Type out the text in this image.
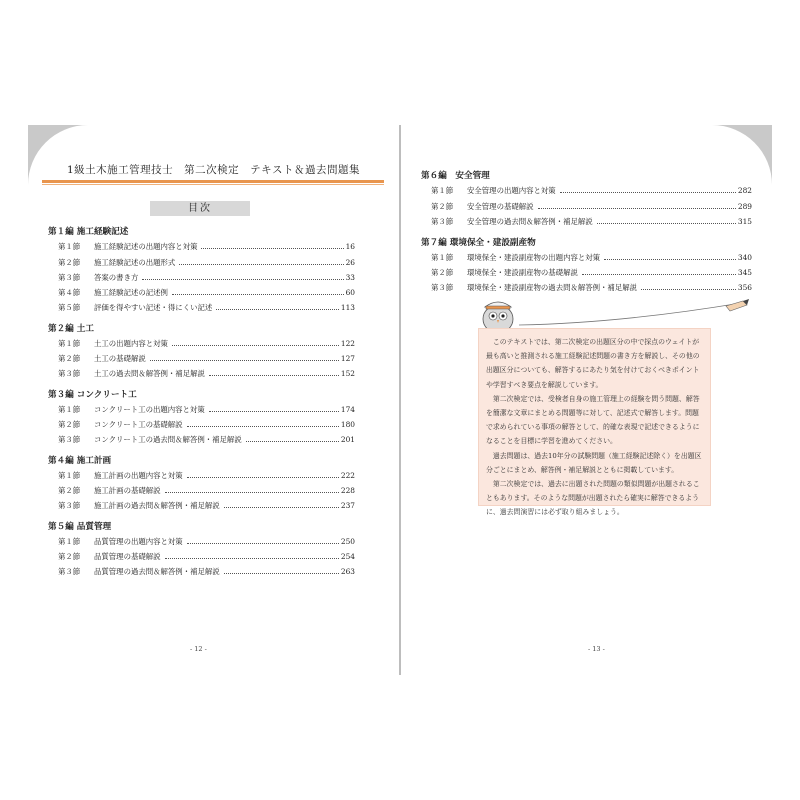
1級土木施工管理技士　第二次検定　テキスト＆過去問題集
目次
第１編 施工経験記述
第１節	施工経験記述の出題内容と対策	16
第２節	施工経験記述の出題形式	26
第３節	答案の書き方	33
第４節	施工経験記述の記述例	60
第５節	評価を得やすい記述・得にくい記述	113
第２編 土工
第１節	土工の出題内容と対策	122
第２節	土工の基礎解説	127
第３節	土工の過去問＆解答例・補足解説	152
第３編 コンクリート工
第１節	コンクリート工の出題内容と対策	174
第２節	コンクリート工の基礎解説	180
第３節	コンクリート工の過去問＆解答例・補足解説	201
第４編 施工計画
第１節	施工計画の出題内容と対策	222
第２節	施工計画の基礎解説	228
第３節	施工計画の過去問＆解答例・補足解説	237
第５編 品質管理
第１節	品質管理の出題内容と対策	250
第２節	品質管理の基礎解説	254
第３節	品質管理の過去問＆解答例・補足解説	263
- 12 -
第６編　安全管理
第１節	安全管理の出題内容と対策	282
第２節	安全管理の基礎解説	289
第３節	安全管理の過去問＆解答例・補足解説	315
第７編 環境保全・建設副産物
第１節	環境保全・建設副産物の出題内容と対策	340
第２節	環境保全・建設副産物の基礎解説	345
第３節	環境保全・建設副産物の過去問＆解答例・補足解説	356

このテキストでは、第二次検定の出題区分の中で採点のウェイトが最も高いと推測される施工経験記述問題の書き方を解説し、その他の出題区分についても、解答するにあたり気を付けておくべきポイントや学習すべき要点を解説しています。

第二次検定では、受検者自身の施工管理上の経験を問う問題、解答を簡潔な文章にまとめる問題等に対して、記述式で解答します。問題で求められている事項の解答として、的確な表現で記述できるようになることを目標に学習を進めてください。

過去問題は、過去10年分の試験問題（施工経験記述除く）を出題区分ごとにまとめ、解答例・補足解説とともに掲載しています。

第二次検定では、過去に出題された問題の類似問題が出題されることもあります。そのような問題が出題されたら確実に解答できるように、過去問演習には必ず取り組みましょう。

- 13 -
